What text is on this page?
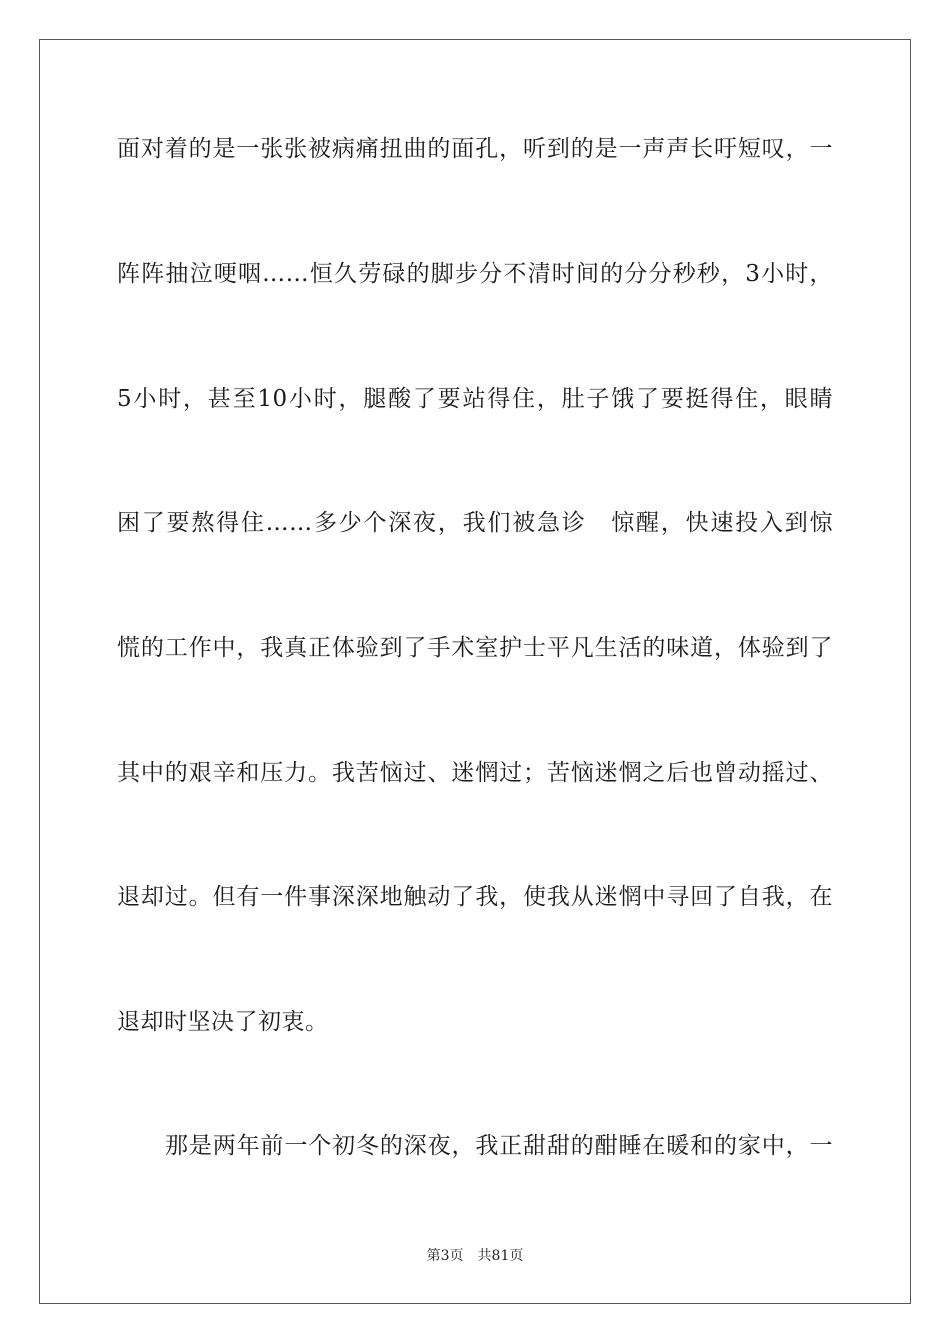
面对着的是一张张被病痛扭曲的面孔，听到的是一声声长吁短叹，一
阵阵抽泣哽咽……恒久劳碌的脚步分不清时间的分分秒秒，3小时，
5小时，甚至10小时，腿酸了要站得住，肚子饿了要挺得住，眼睛
困了要熬得住……多少个深夜，我们被急诊　惊醒，快速投入到惊
慌的工作中，我真正体验到了手术室护士平凡生活的味道，体验到了
其中的艰辛和压力。我苦恼过、迷惘过；苦恼迷惘之后也曾动摇过、
退却过。但有一件事深深地触动了我，使我从迷惘中寻回了自我，在
退却时坚决了初衷。
那是两年前一个初冬的深夜，我正甜甜的酣睡在暖和的家中，一
第3页 共81页
